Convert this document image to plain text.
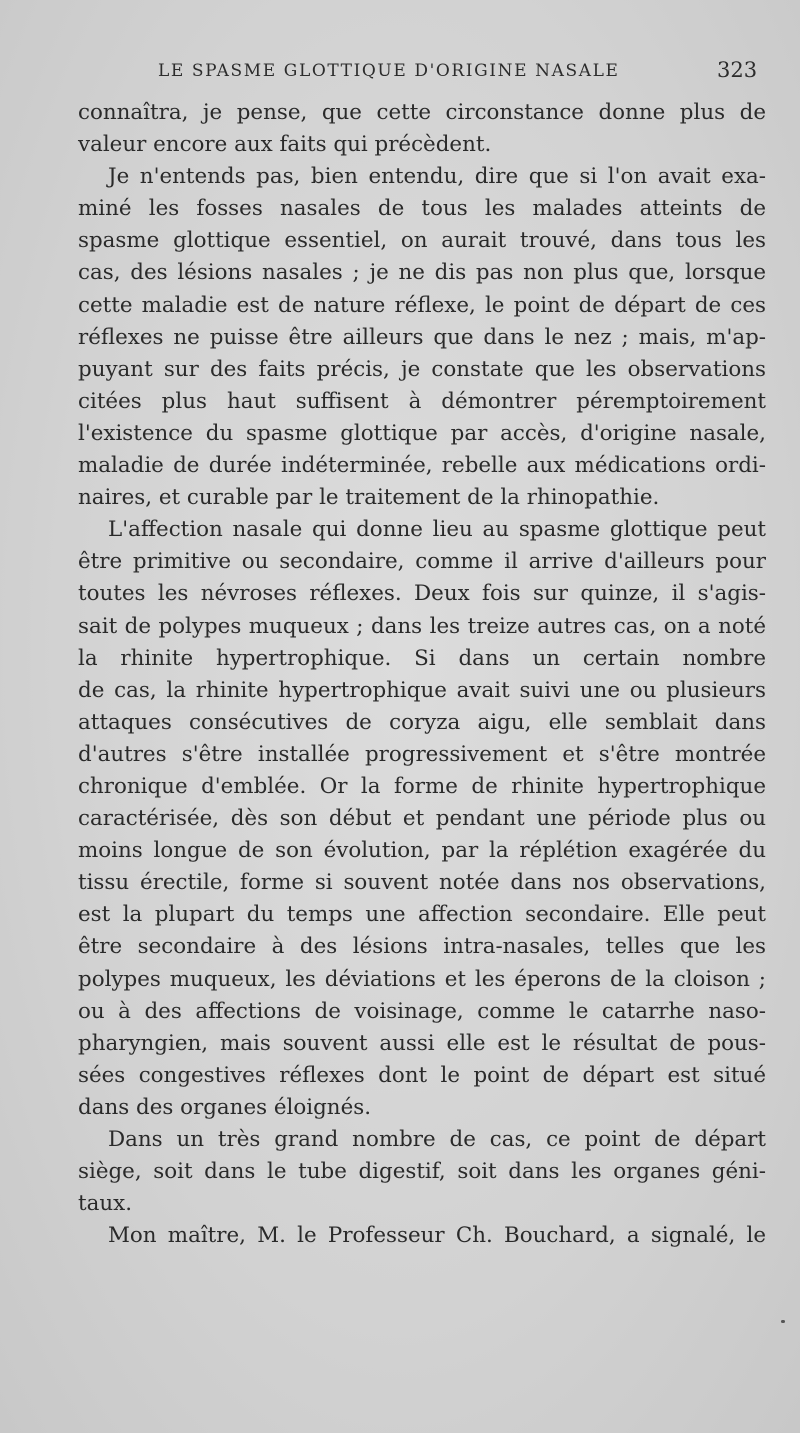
LE SPASME GLOTTIQUE D'ORIGINE NASALE	323
connaîtra, je pense, que cette circonstance donne plus de
valeur encore aux faits qui précèdent.
Je n'entends pas, bien entendu, dire que si l'on avait exa-
miné les fosses nasales de tous les malades atteints de
spasme glottique essentiel, on aurait trouvé, dans tous les
cas, des lésions nasales ; je ne dis pas non plus que, lorsque
cette maladie est de nature réflexe, le point de départ de ces
réflexes ne puisse être ailleurs que dans le nez ; mais, m'ap-
puyant sur des faits précis, je constate que les observations
citées plus haut suffisent à démontrer péremptoirement
l'existence du spasme glottique par accès, d'origine nasale,
maladie de durée indéterminée, rebelle aux médications ordi-
naires, et curable par le traitement de la rhinopathie.
L'affection nasale qui donne lieu au spasme glottique peut
être primitive ou secondaire, comme il arrive d'ailleurs pour
toutes les névroses réflexes. Deux fois sur quinze, il s'agis-
sait de polypes muqueux ; dans les treize autres cas, on a noté
la rhinite hypertrophique. Si dans un certain nombre
de cas, la rhinite hypertrophique avait suivi une ou plusieurs
attaques consécutives de coryza aigu, elle semblait dans
d'autres s'être installée progressivement et s'être montrée
chronique d'emblée. Or la forme de rhinite hypertrophique
caractérisée, dès son début et pendant une période plus ou
moins longue de son évolution, par la réplétion exagérée du
tissu érectile, forme si souvent notée dans nos observations,
est la plupart du temps une affection secondaire. Elle peut
être secondaire à des lésions intra-nasales, telles que les
polypes muqueux, les déviations et les éperons de la cloison ;
ou à des affections de voisinage, comme le catarrhe naso-
pharyngien, mais souvent aussi elle est le résultat de pous-
sées congestives réflexes dont le point de départ est situé
dans des organes éloignés.
Dans un très grand nombre de cas, ce point de départ
siège, soit dans le tube digestif, soit dans les organes géni-
taux.
Mon maître, M. le Professeur Ch. Bouchard, a signalé, le
